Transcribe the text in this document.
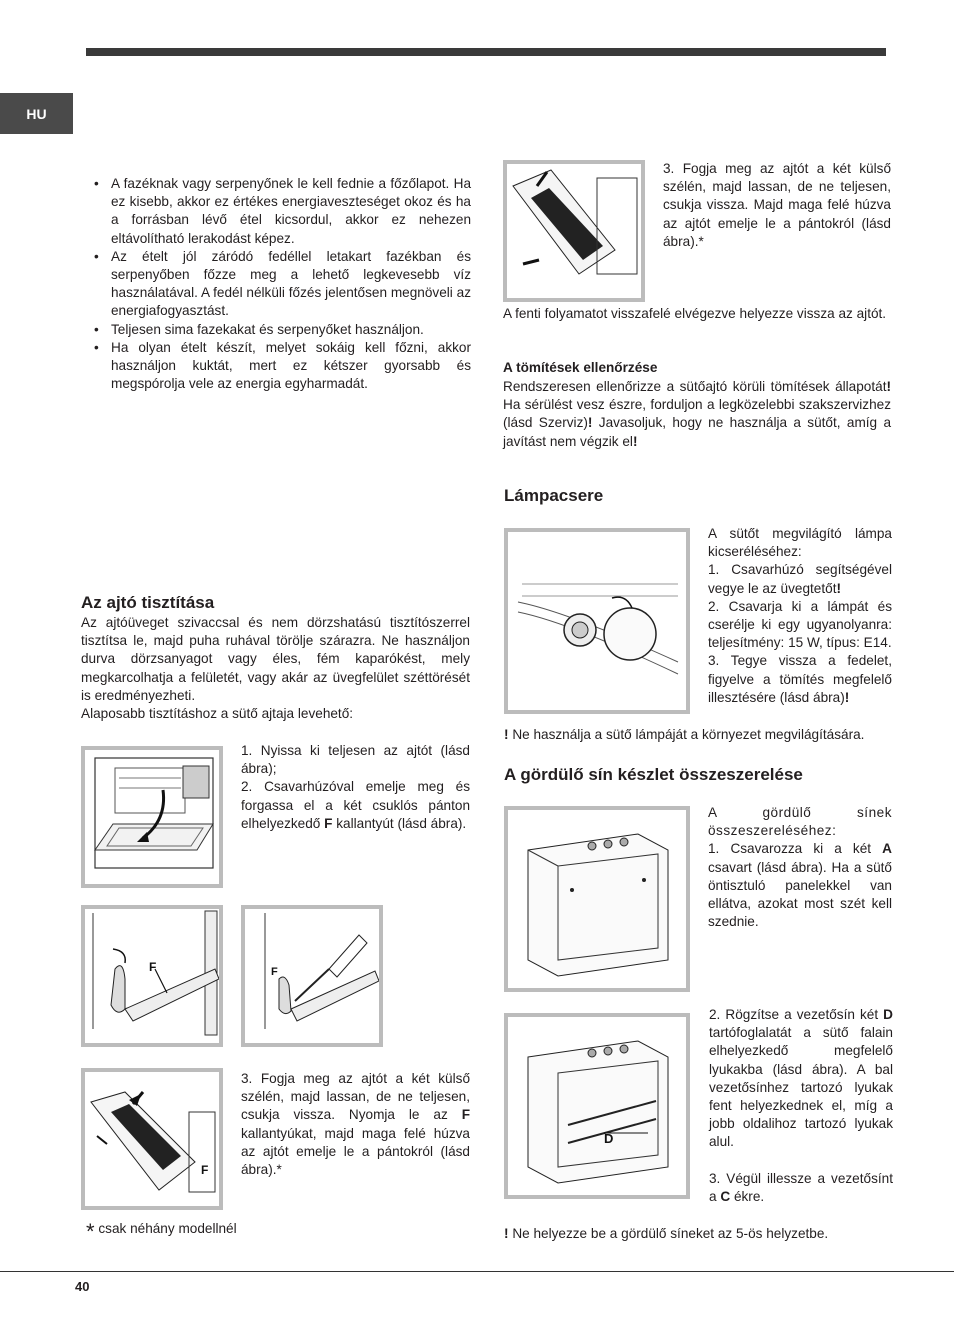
HU
• A fazéknak vagy serpenyőnek le kell fednie a főzőlapot. Ha ez kisebb, akkor ez értékes energiaveszteséget okoz és ha a forrásban lévő étel kicsordul, akkor ez nehezen eltávolítható lerakodást képez.
• Az ételt jól záródó fedéllel letakart fazékban és serpenyőben főzze meg a lehető legkevesebb víz használatával. A fedél nélküli főzés jelentősen megnöveli az energiafogyasztást.
• Teljesen sima fazekakat és serpenyőket használjon.
• Ha olyan ételt készít, melyet sokáig kell főzni, akkor használjon kuktát, mert ez kétszer gyorsabb és megspórolja vele az energia egyharmadát.
Az ajtó tisztítása
Az ajtóüveget szivaccsal és nem dörzshatású tisztítószerrel tisztítsa le, majd puha ruhával törölje szárazra. Ne használjon durva dörzsanyagot vagy éles, fém kaparókést, mely megkarcolhatja a felületét, vagy akár az üvegfelület széttörését is eredményezheti.
Alaposabb tisztításhoz a sütő ajtaja levehető:
1. Nyissa ki teljesen az ajtót (lásd ábra);
2. Csavarhúzóval emelje meg és forgassa el a két csuklós pánton elhelyezkedő F kallantyút (lásd ábra).
F	F
F
3. Fogja meg az ajtót a két külső szélén, majd lassan, de ne teljesen, csukja vissza. Nyomja le az F kallantyúkat, majd maga felé húzva az ajtót emelje le a pántokról (lásd ábra).*
* csak néhány modellnél
3. Fogja meg az ajtót a két külső szélén, majd lassan, de ne teljesen, csukja vissza. Majd maga felé húzva az ajtót emelje le a pántokról (lásd ábra).*
A fenti folyamatot visszafelé elvégezve helyezze vissza az ajtót.
A tömítések ellenőrzése
Rendszeresen ellenőrizze a sütőajtó körüli tömítések állapotát! Ha sérülést vesz észre, forduljon a legközelebbi szakszervizhez (lásd Szerviz)! Javasoljuk, hogy ne használja a sütőt, amíg a javítást nem végzik el!
Lámpacsere
A sütőt megvilágító lámpa kicseréléséhez:
1. Csavarhúzó segítségével vegye le az üvegtetőt!
2. Csavarja ki a lámpát és cserélje ki egy ugyanolyanra: teljesítmény: 15 W, típus: E14.
3. Tegye vissza a fedelet, figyelve a tömítés megfelelő illesztésére (lásd ábra)!
! Ne használja a sütő lámpáját a környezet megvilágítására.
A gördülő sín készlet összeszerelése
A gördülő sínek összeszereléséhez:
1. Csavarozza ki a két A csavart (lásd ábra). Ha a sütő öntisztuló panelekkel van ellátva, azokat most szét kell szednie.
D
2. Rögzítse a vezetősín két D tartófoglalatát a sütő falain elhelyezkedő megfelelő lyukakba (lásd ábra). A bal vezetősínhez tartozó lyukak fent helyezkednek el, míg a jobb oldalihoz tartozó lyukak alul.
3. Végül illessze a vezetősínt a C ékre.
! Ne helyezze be a gördülő síneket az 5-ös helyzetbe.
40
